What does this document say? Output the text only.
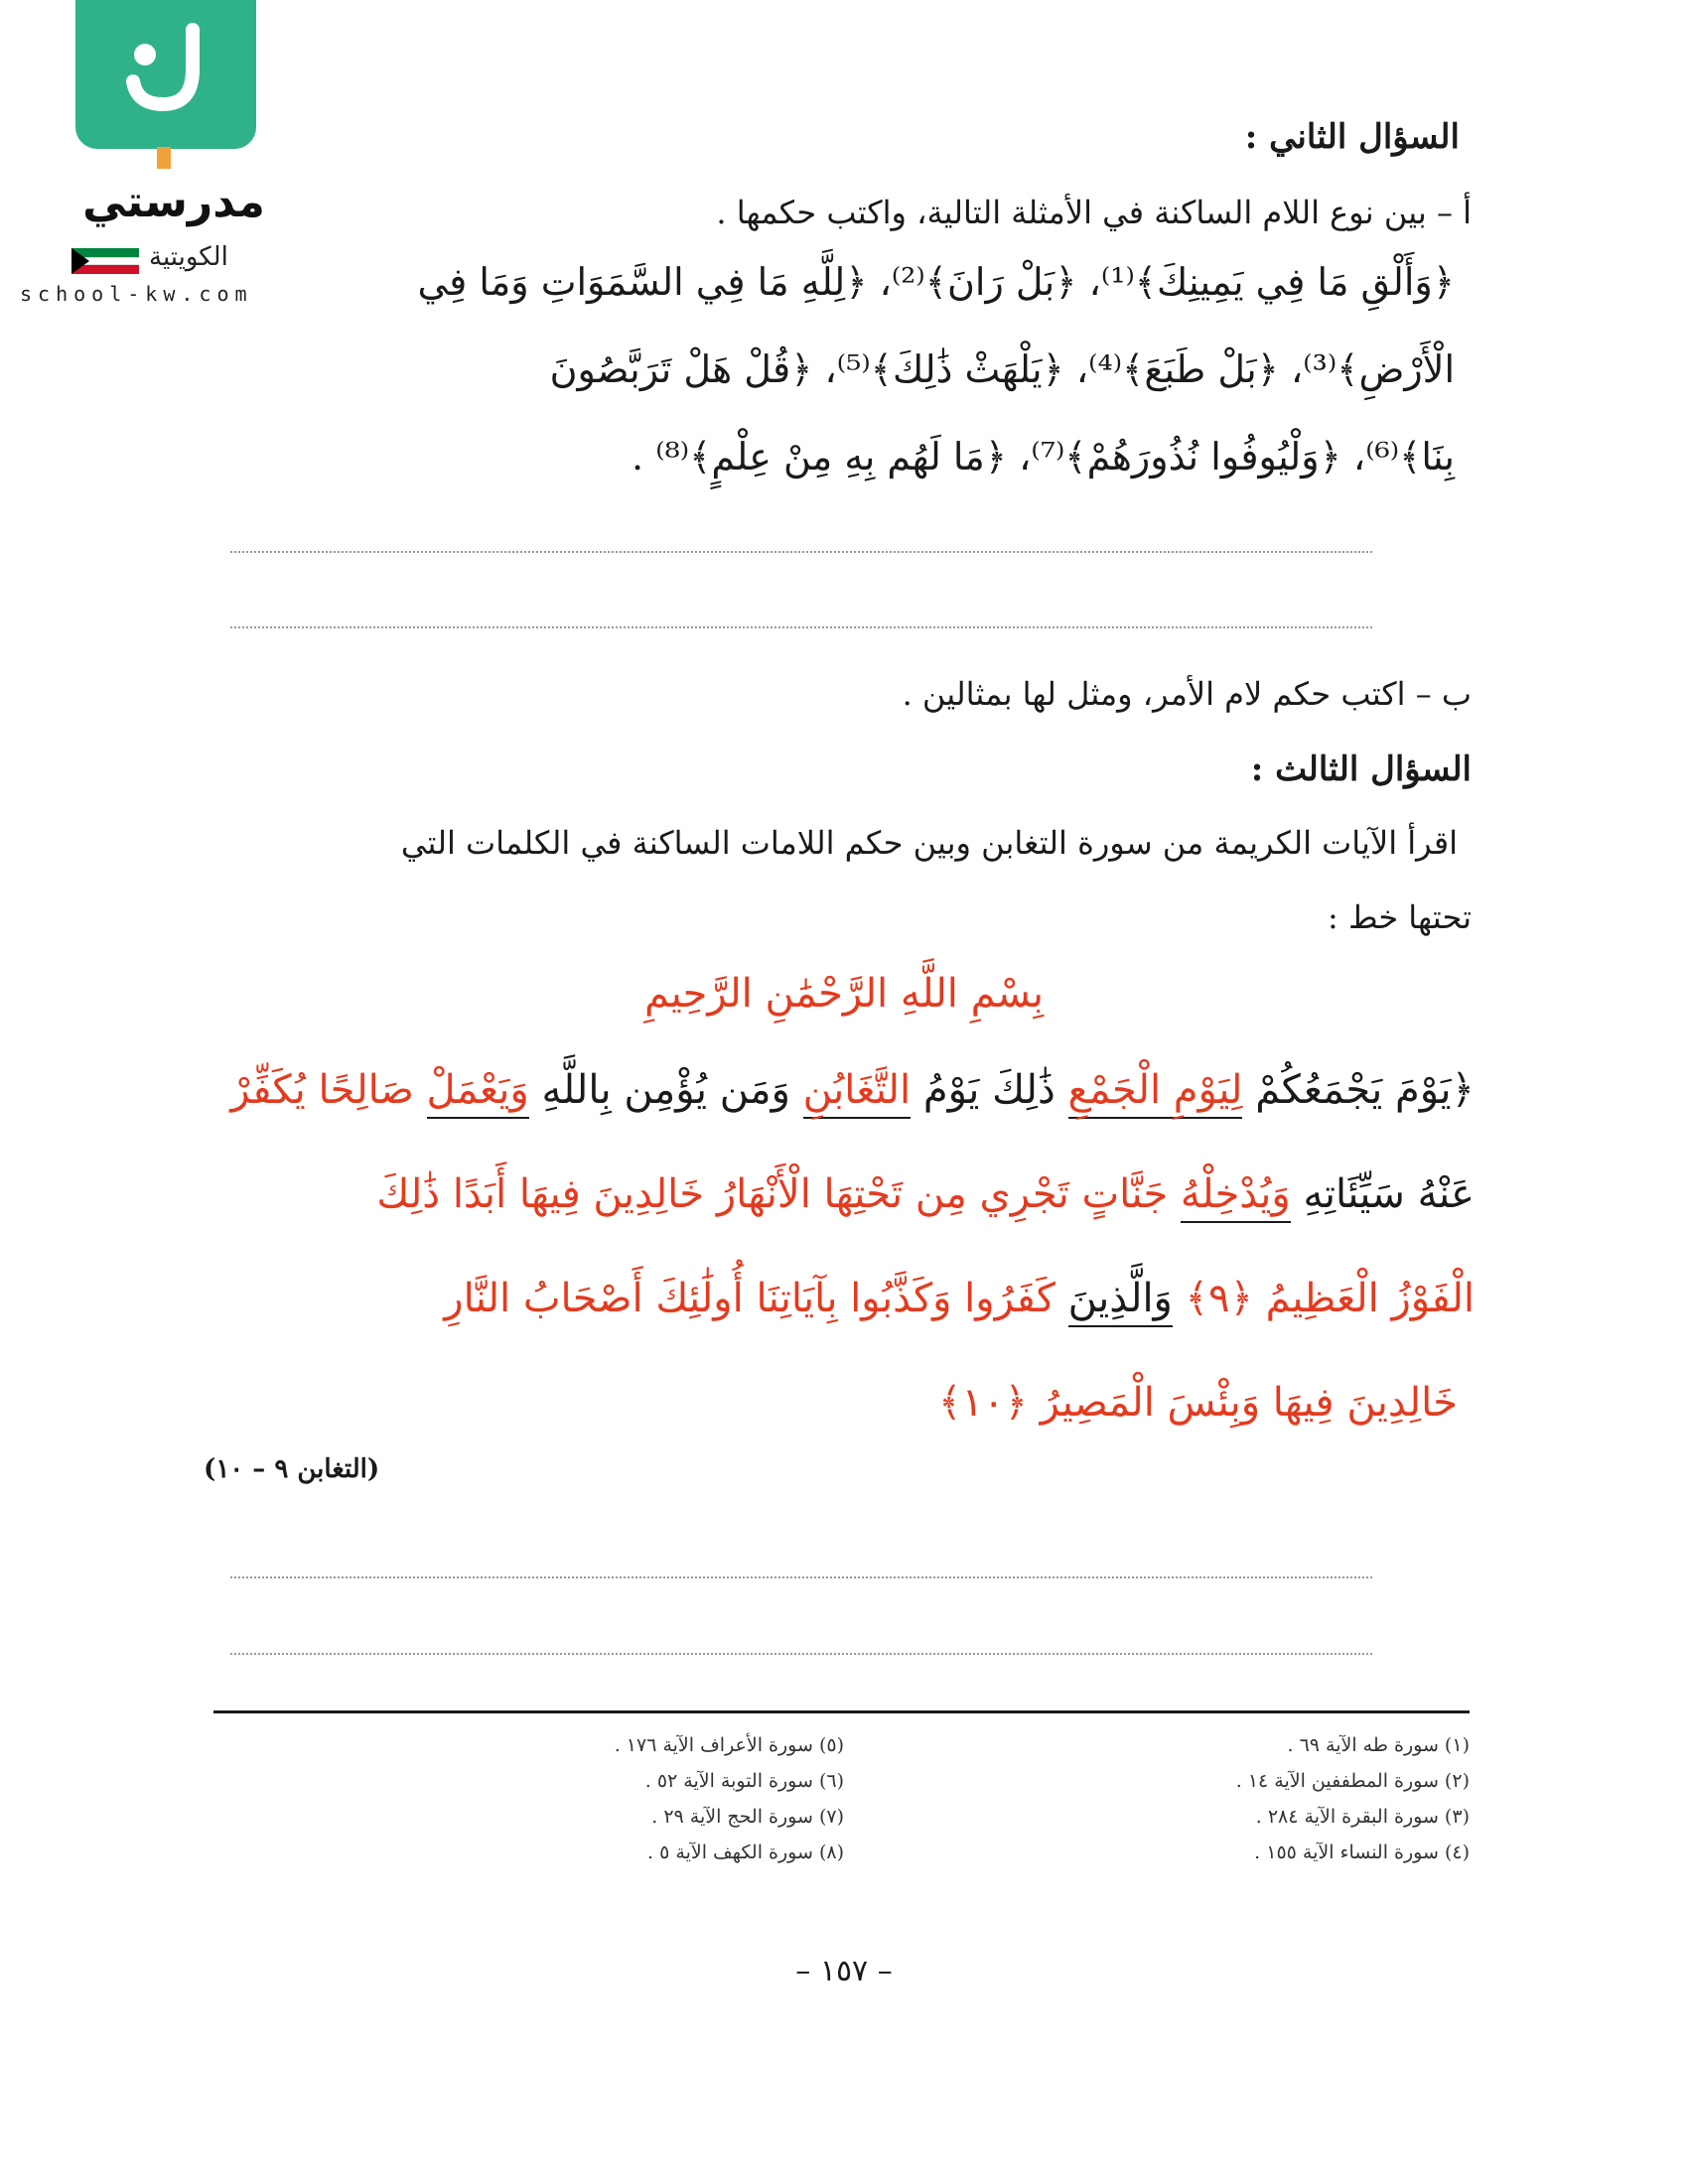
مدرستي
الكويتية
school-kw.com
السؤال الثاني :
أ – بين نوع اللام الساكنة في الأمثلة التالية، واكتب حكمها .
﴿وَأَلْقِ مَا فِي يَمِينِكَ﴾⁽¹⁾، ﴿بَلْ رَانَ﴾⁽²⁾، ﴿لِلَّهِ مَا فِي السَّمَوَاتِ وَمَا فِي
الْأَرْضِ﴾⁽³⁾، ﴿بَلْ طَبَعَ﴾⁽⁴⁾، ﴿يَلْهَثْ ذَٰلِكَ﴾⁽⁵⁾، ﴿قُلْ هَلْ تَرَبَّصُونَ
بِنَا﴾⁽⁶⁾، ﴿وَلْيُوفُوا نُذُورَهُمْ﴾⁽⁷⁾، ﴿مَا لَهُم بِهِ مِنْ عِلْمٍ﴾⁽⁸⁾ .
ب – اكتب حكم لام الأمر، ومثل لها بمثالين .
السؤال الثالث :
اقرأ الآيات الكريمة من سورة التغابن وبين حكم اللامات الساكنة في الكلمات التي
تحتها خط :
بِسْمِ اللَّهِ الرَّحْمَٰنِ الرَّحِيمِ
﴿يَوْمَ يَجْمَعُكُمْ لِيَوْمِ الْجَمْعِ ذَٰلِكَ يَوْمُ التَّغَابُنِ وَمَن يُؤْمِن بِاللَّهِ وَيَعْمَلْ صَالِحًا يُكَفِّرْ
عَنْهُ سَيِّئَاتِهِ وَيُدْخِلْهُ جَنَّاتٍ تَجْرِي مِن تَحْتِهَا الْأَنْهَارُ خَالِدِينَ فِيهَا أَبَدًا ذَٰلِكَ
الْفَوْزُ الْعَظِيمُ ﴿٩﴾ وَالَّذِينَ كَفَرُوا وَكَذَّبُوا بِآيَاتِنَا أُولَٰئِكَ أَصْحَابُ النَّارِ
خَالِدِينَ فِيهَا وَبِئْسَ الْمَصِيرُ ﴿١٠﴾
(التغابن ٩ – ١٠)
(١) سورة طه الآية ٦٩ .
(٢) سورة المطففين الآية ١٤ .
(٣) سورة البقرة الآية ٢٨٤ .
(٤) سورة النساء الآية ١٥٥ .
(٥) سورة الأعراف الآية ١٧٦ .
(٦) سورة التوبة الآية ٥٢ .
(٧) سورة الحج الآية ٢٩ .
(٨) سورة الكهف الآية ٥ .
– ١٥٧ –
